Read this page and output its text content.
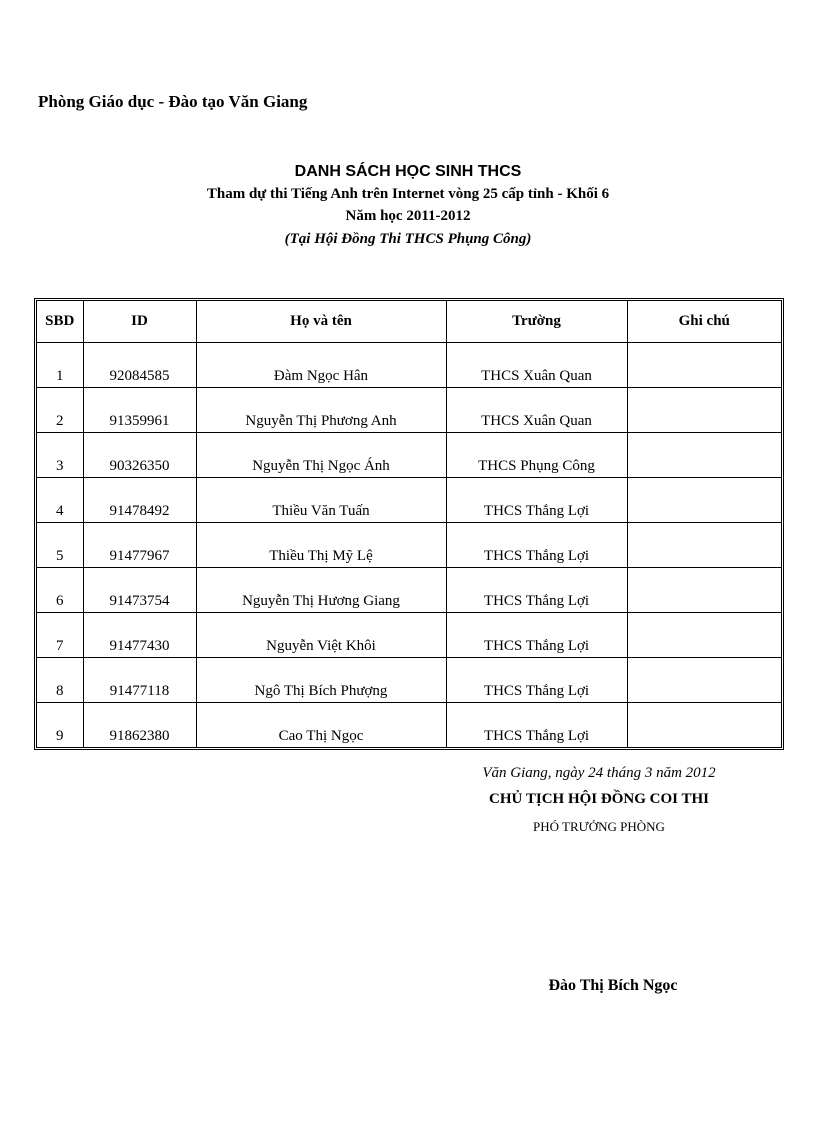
Phòng Giáo dục - Đào tạo Văn Giang
DANH SÁCH HỌC SINH THCS
Tham dự thi Tiếng Anh trên Internet vòng 25 cấp tỉnh - Khối 6
Năm học 2011-2012
(Tại Hội Đồng Thi THCS Phụng Công)
SBD	ID	Họ và tên	Trường	Ghi chú
1	92084585	Đàm Ngọc Hân	THCS Xuân Quan	
2	91359961	Nguyễn Thị Phương Anh	THCS Xuân Quan	
3	90326350	Nguyễn Thị Ngọc Ánh	THCS Phụng Công	
4	91478492	Thiều Văn Tuấn	THCS Thắng Lợi	
5	91477967	Thiều Thị Mỹ Lệ	THCS Thắng Lợi	
6	91473754	Nguyễn Thị Hương Giang	THCS Thắng Lợi	
7	91477430	Nguyễn Việt Khôi	THCS Thắng Lợi	
8	91477118	Ngô Thị Bích Phượng	THCS Thắng Lợi	
9	91862380	Cao Thị Ngọc	THCS Thắng Lợi	
Văn Giang, ngày 24 tháng 3 năm 2012
CHỦ TỊCH HỘI ĐỒNG COI THI
PHÓ TRƯỞNG PHÒNG
Đào Thị Bích Ngọc
